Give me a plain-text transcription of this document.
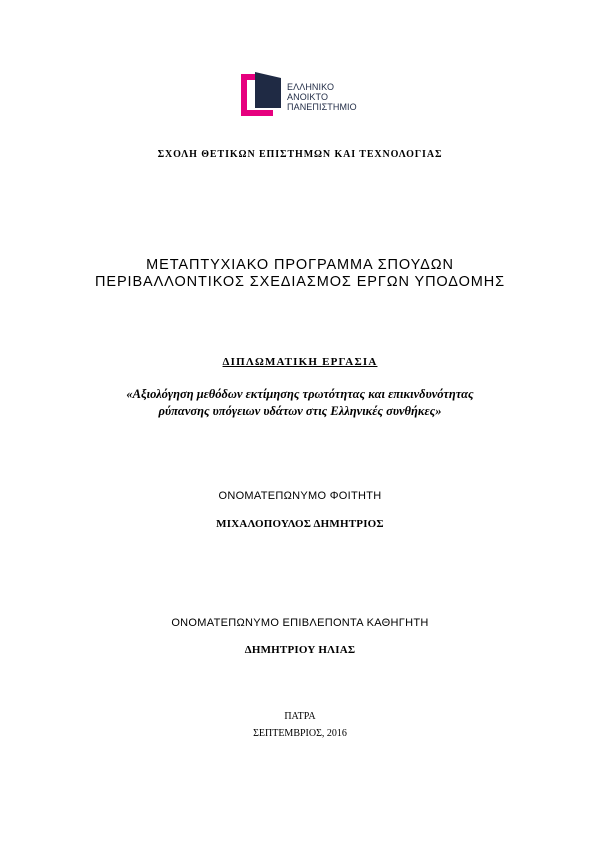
ΕΛΛΗΝΙΚΟ
ΑΝΟΙΚΤΟ
ΠΑΝΕΠΙΣΤΗΜΙΟ
ΣΧΟΛΗ ΘΕΤΙΚΩΝ ΕΠΙΣΤΗΜΩΝ ΚΑΙ ΤΕΧΝΟΛΟΓΙΑΣ
ΜΕΤΑΠΤΥΧΙΑΚΟ ΠΡΟΓΡΑΜΜΑ ΣΠΟΥΔΩΝ
ΠΕΡΙΒΑΛΛΟΝΤΙΚΟΣ ΣΧΕΔΙΑΣΜΟΣ ΕΡΓΩΝ ΥΠΟΔΟΜΗΣ
ΔΙΠΛΩΜΑΤΙΚΗ ΕΡΓΑΣΙΑ
«Αξιολόγηση μεθόδων εκτίμησης τρωτότητας και επικινδυνότητας
ρύπανσης υπόγειων υδάτων στις Ελληνικές συνθήκες»
ΟΝΟΜΑΤΕΠΩΝΥΜΟ ΦΟΙΤΗΤΗ
ΜΙΧΑΛΟΠΟΥΛΟΣ ΔΗΜΗΤΡΙΟΣ
ΟΝΟΜΑΤΕΠΩΝΥΜΟ ΕΠΙΒΛΕΠΟΝΤΑ ΚΑΘΗΓΗΤΗ
ΔΗΜΗΤΡΙΟΥ ΗΛΙΑΣ
ΠΑΤΡΑ
ΣΕΠΤΕΜΒΡΙΟΣ, 2016
